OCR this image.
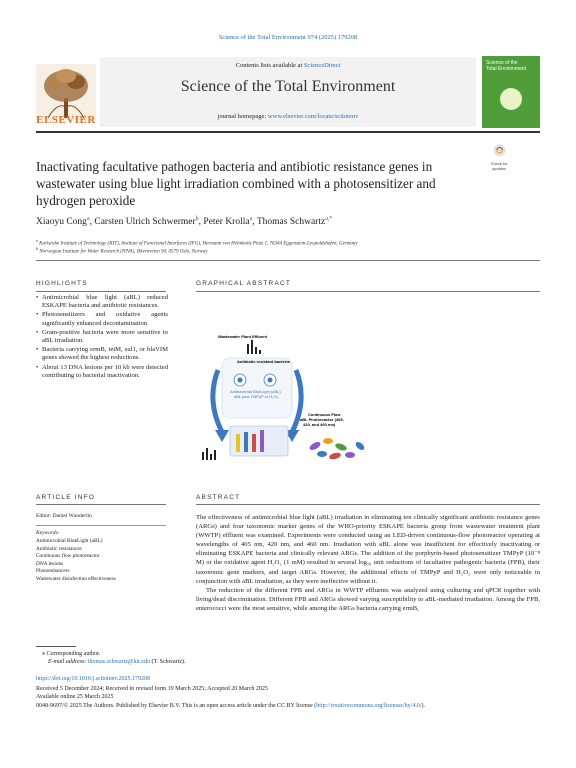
Science of the Total Environment 974 (2025) 179208
Contents lists available at ScienceDirect
Science of the Total Environment
journal homepage: www.elsevier.com/locate/scitotenv
ELSEVIER
Science of the
Total Environment
Check for
updates
Inactivating facultative pathogen bacteria and antibiotic resistance genes in wastewater using blue light irradiation combined with a photosensitizer and hydrogen peroxide
Xiaoyu Cong$^a$, Carsten Ulrich Schwermer$^b$, Peter Krolla$^a$, Thomas Schwartz$^{a,*}$
$^a$ Karlsruhe Institute of Technology (KIT), Institute of Functional Interfaces (IFG), Hermann von Helmholtz Platz 1, 76344 Eggenstein-Leopoldshafen, Germany
$^b$ Norwegian Institute for Water Research (NIVA), Økernveien 94, 0579 Oslo, Norway
HIGHLIGHTS
• Antimicrobial blue light (aBL) reduced ESKAPE bacteria and antibiotic resistances.
• Photosensitizers and oxidative agents significantly enhanced decontamination.
• Gram-positive bacteria were more sensitive to aBL irradiation.
• Bacteria carrying ermB, tetM, sul1, or blaVIM genes showed the highest reductions.
• About 13 DNA lesions per 10 kb were detected contributing to bacterial inactivation.
GRAPHICAL ABSTRACT
Wastewater Plant Effluent
Antibiotic resistant bacteria
Antibacterial BlueLight (aBL)
aBL plus TMPyP or H₂O₂
Continuous Flow
aBL Photoreactor (405,
420, and 460 nm)
ARTICLE INFO
Editor: Daniel Wunderlin
Keywords:
Antimicrobial BlueLight (aBL)
Antibiotic resistances
Continuous flow photoreactor
DNA lesions
Photoenhancers
Wastewater disinfection effectiveness
ABSTRACT

The effectiveness of antimicrobial blue light (aBL) irradiation in eliminating ten clinically significant antibiotic resistance genes (ARGs) and four taxonomic marker genes of the WHO-priority ESKAPE bacteria group from wastewater treatment plant (WWTP) effluent was examined. Experiments were conducted using an LED-driven continuous-flow photoreactor operating at wavelengths of 405 nm, 420 nm, and 460 nm. Irradiation with aBL alone was insufficient for effectively inactivating or eliminating ESKAPE bacteria and clinically relevant ARGs. The addition of the porphyrin-based photosensitizer TMPyP (10⁻⁸ M) or the oxidative agent H₂O₂ (1 mM) resulted in several log₁₀ unit reductions of facultative pathogenic bacteria (FPB), their taxonomic gene markers, and target ARGs. However, the additional effects of TMPyP and H₂O₂ were only noticeable in conjunction with aBL irradiation, as they were ineffective without it.

The reduction of the different FPB and ARGs in WWTP effluents was analyzed using culturing and qPCR together with living/dead discrimination. Different FPB and ARGs showed varying susceptibility to aBL-mediated irradiation. Among the FPB, enterococci were the most sensitive, while among the ARGs bacteria carrying ermB,

⁎ Corresponding author.
E-mail address: thomas.schwartz@kit.edu (T. Schwartz).
https://doi.org/10.1016/j.scitotenv.2025.179208
Received 5 December 2024; Received in revised form 19 March 2025; Accepted 20 March 2025
Available online 25 March 2025
0048-9697/© 2025 The Authors. Published by Elsevier B.V. This is an open access article under the CC BY license (http://creativecommons.org/licenses/by/4.0/).
